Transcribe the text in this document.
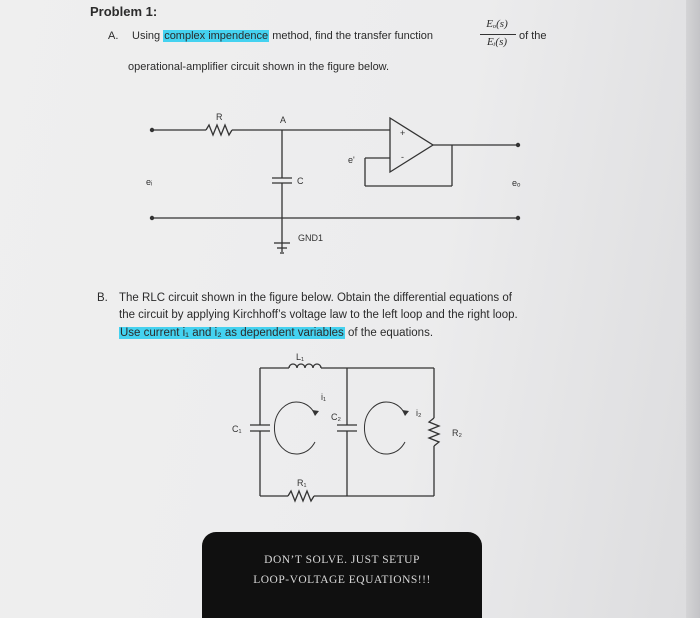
Problem 1:
A. Using complex impendence method, find the transfer function
Eₒ(s)
Eᵢ(s)	of the
operational-amplifier circuit shown in the figure below.
R	A
+
-
e'
eᵢ	eₒ
C
GND1
B. The RLC circuit shown in the figure below. Obtain the differential equations of
the circuit by applying Kirchhoff’s voltage law to the left loop and the right loop.
Use current i₁ and i₂ as dependent variables of the equations.
L₁
i₁
C₂	i₂
C₁	R₂
R₁
DON’T SOLVE. JUST SETUP
LOOP-VOLTAGE EQUATIONS!!!
